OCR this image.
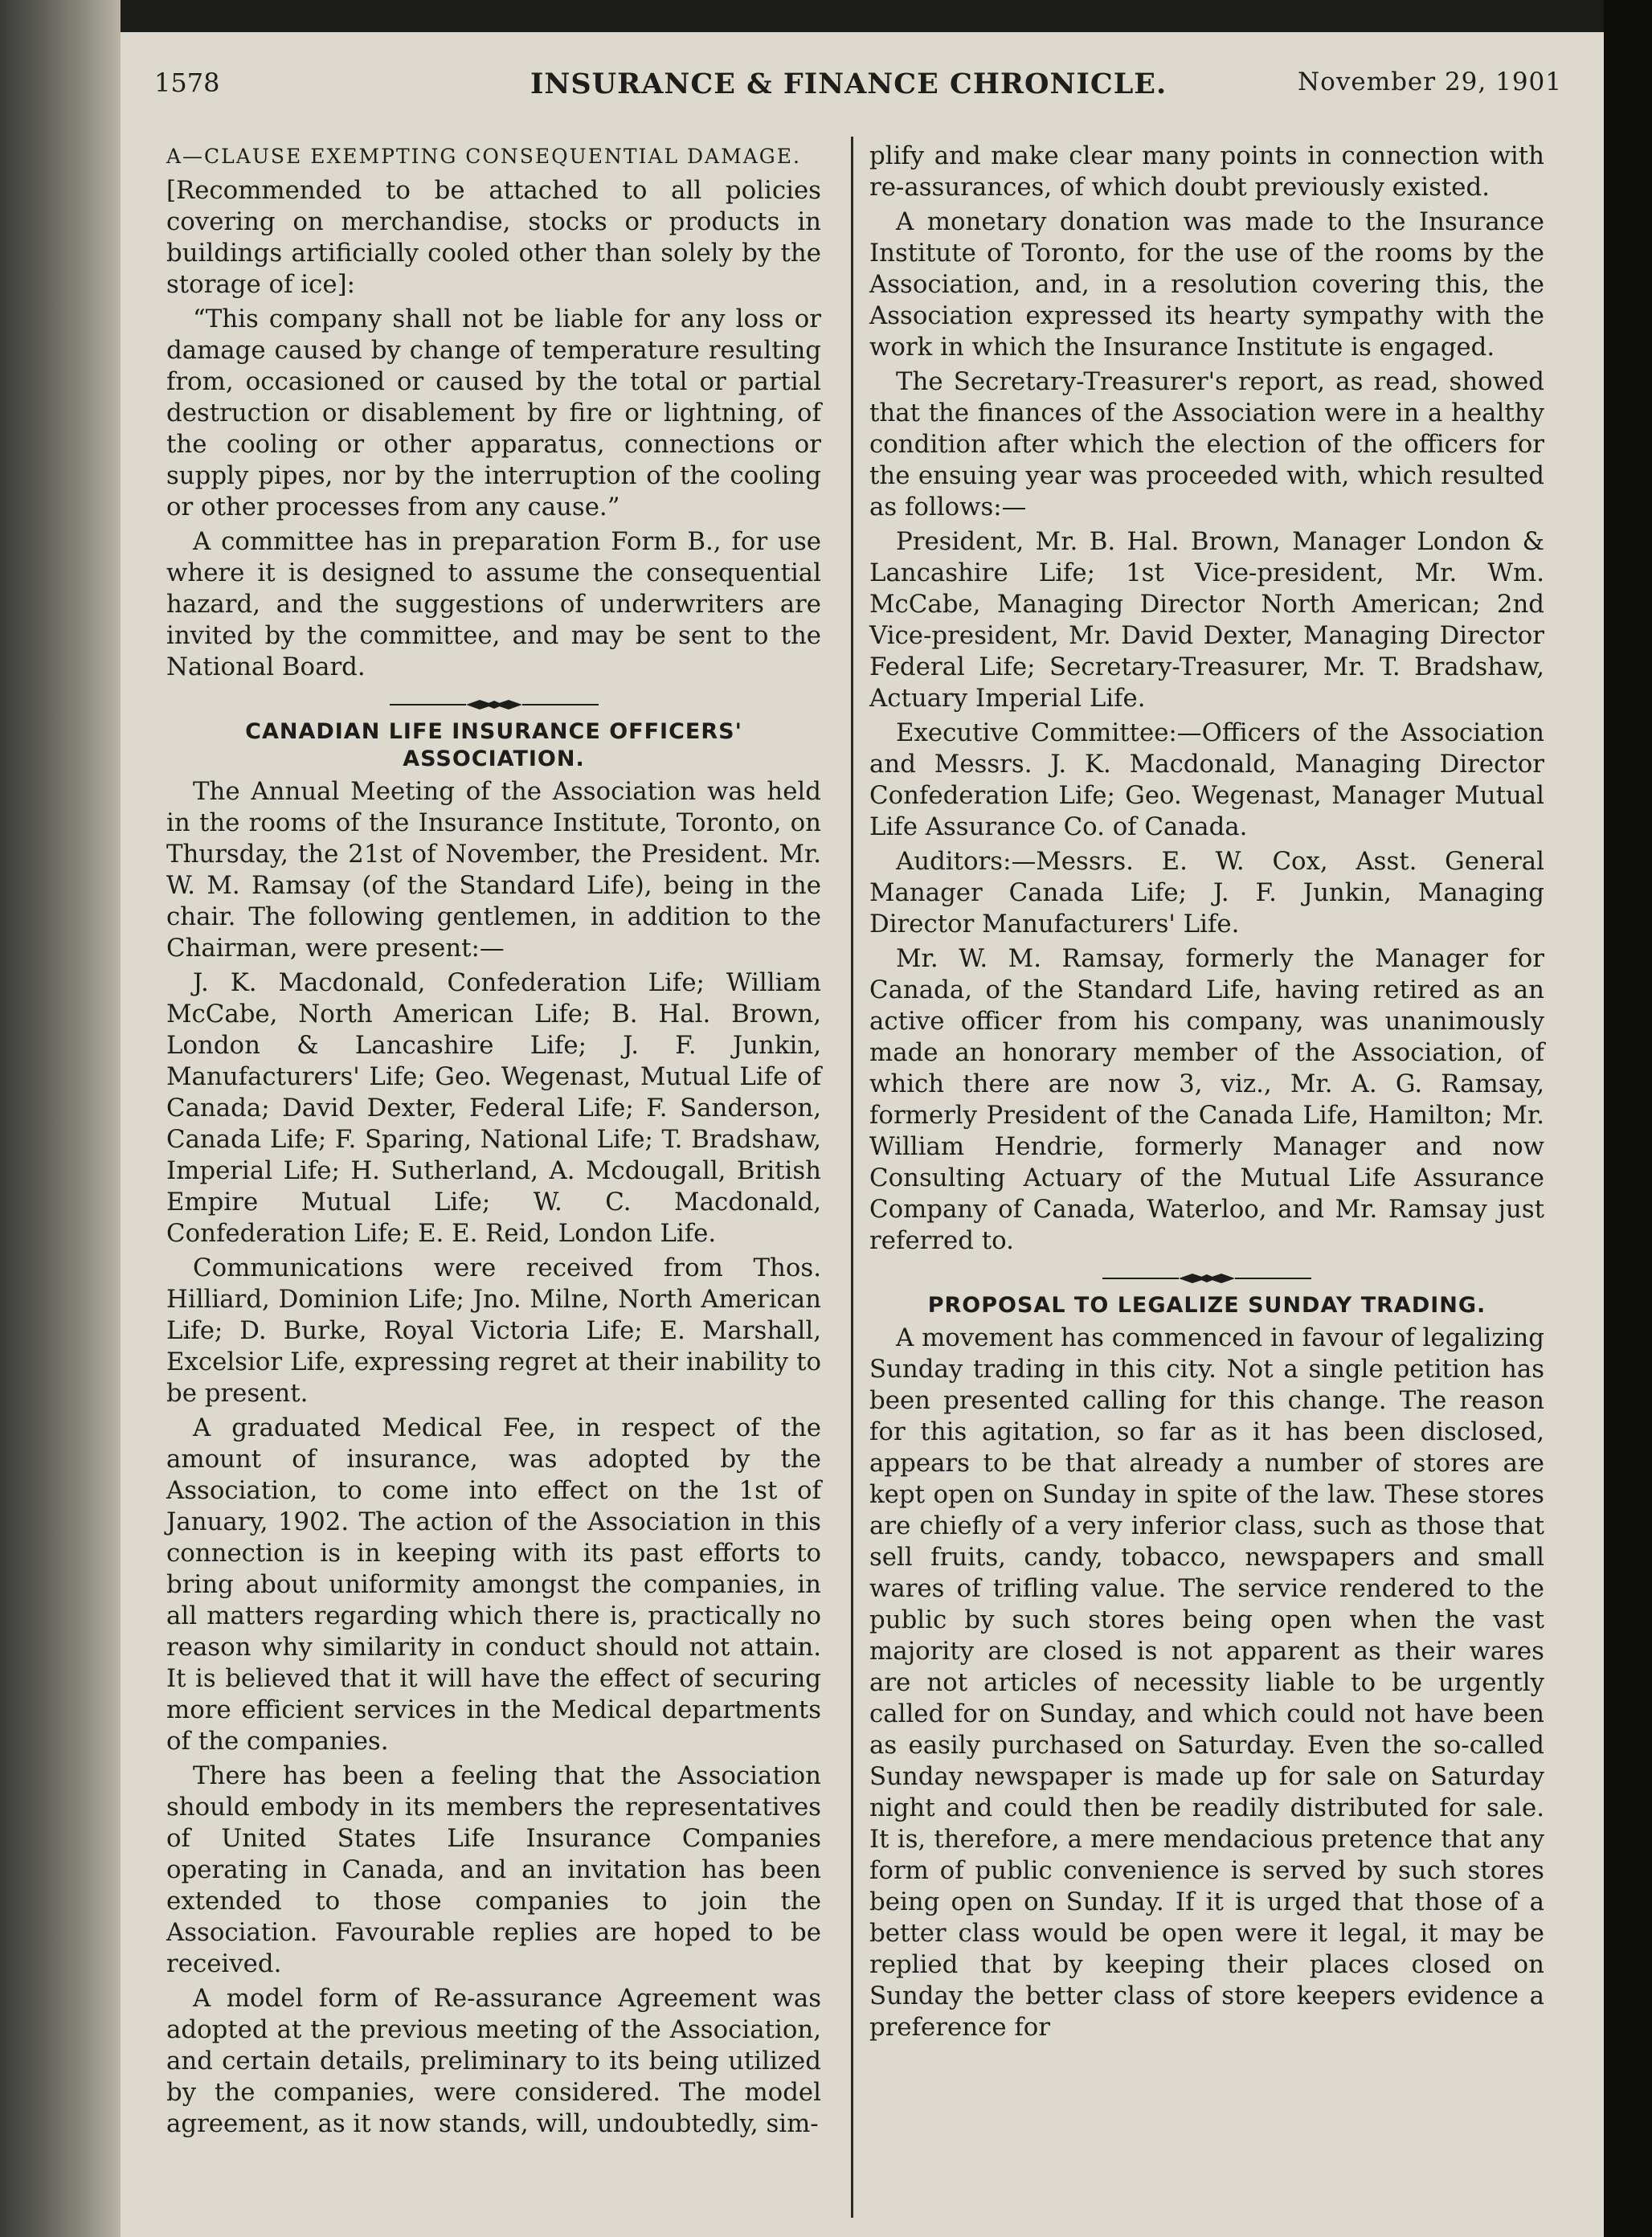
1578	INSURANCE & FINANCE CHRONICLE.	November 29, 1901
A—CLAUSE EXEMPTING CONSEQUENTIAL DAMAGE.

[Recommended to be attached to all policies covering on merchandise, stocks or products in buildings artificially cooled other than solely by the storage of ice]:

“This company shall not be liable for any loss or damage caused by change of temperature resulting from, occasioned or caused by the total or partial destruction or disablement by fire or lightning, of the cooling or other apparatus, connections or supply pipes, nor by the interruption of the cooling or other processes from any cause.”

A committee has in preparation Form B., for use where it is designed to assume the consequential hazard, and the suggestions of underwriters are invited by the committee, and may be sent to the National Board.

CANADIAN LIFE INSURANCE OFFICERS' ASSOCIATION.

The Annual Meeting of the Association was held in the rooms of the Insurance Institute, Toronto, on Thursday, the 21st of November, the President. Mr. W. M. Ramsay (of the Standard Life), being in the chair. The following gentlemen, in addition to the Chairman, were present:—

J. K. Macdonald, Confederation Life; William McCabe, North American Life; B. Hal. Brown, London & Lancashire Life; J. F. Junkin, Manufacturers' Life; Geo. Wegenast, Mutual Life of Canada; David Dexter, Federal Life; F. Sanderson, Canada Life; F. Sparing, National Life; T. Bradshaw, Imperial Life; H. Sutherland, A. Mcdougall, British Empire Mutual Life; W. C. Macdonald, Confederation Life; E. E. Reid, London Life.

Communications were received from Thos. Hilliard, Dominion Life; Jno. Milne, North American Life; D. Burke, Royal Victoria Life; E. Marshall, Excelsior Life, expressing regret at their inability to be present.

A graduated Medical Fee, in respect of the amount of insurance, was adopted by the Association, to come into effect on the 1st of January, 1902. The action of the Association in this connection is in keeping with its past efforts to bring about uniformity amongst the companies, in all matters regarding which there is, practically no reason why similarity in conduct should not attain. It is believed that it will have the effect of securing more efficient services in the Medical departments of the companies.

There has been a feeling that the Association should embody in its members the representatives of United States Life Insurance Companies operating in Canada, and an invitation has been extended to those companies to join the Association. Favourable replies are hoped to be received.

A model form of Re-assurance Agreement was adopted at the previous meeting of the Association, and certain details, preliminary to its being utilized by the companies, were considered. The model agreement, as it now stands, will, undoubtedly, sim-

plify and make clear many points in connection with re-assurances, of which doubt previously existed.

A monetary donation was made to the Insurance Institute of Toronto, for the use of the rooms by the Association, and, in a resolution covering this, the Association expressed its hearty sympathy with the work in which the Insurance Institute is engaged.

The Secretary-Treasurer's report, as read, showed that the finances of the Association were in a healthy condition after which the election of the officers for the ensuing year was proceeded with, which resulted as follows:—

President, Mr. B. Hal. Brown, Manager London & Lancashire Life; 1st Vice-president, Mr. Wm. McCabe, Managing Director North American; 2nd Vice-president, Mr. David Dexter, Managing Director Federal Life; Secretary-Treasurer, Mr. T. Bradshaw, Actuary Imperial Life.

Executive Committee:—Officers of the Association and Messrs. J. K. Macdonald, Managing Director Confederation Life; Geo. Wegenast, Manager Mutual Life Assurance Co. of Canada.

Auditors:—Messrs. E. W. Cox, Asst. General Manager Canada Life; J. F. Junkin, Managing Director Manufacturers' Life.

Mr. W. M. Ramsay, formerly the Manager for Canada, of the Standard Life, having retired as an active officer from his company, was unanimously made an honorary member of the Association, of which there are now 3, viz., Mr. A. G. Ramsay, formerly President of the Canada Life, Hamilton; Mr. William Hendrie, formerly Manager and now Consulting Actuary of the Mutual Life Assurance Company of Canada, Waterloo, and Mr. Ramsay just referred to.

PROPOSAL TO LEGALIZE SUNDAY TRADING.

A movement has commenced in favour of legalizing Sunday trading in this city. Not a single petition has been presented calling for this change. The reason for this agitation, so far as it has been disclosed, appears to be that already a number of stores are kept open on Sunday in spite of the law. These stores are chiefly of a very inferior class, such as those that sell fruits, candy, tobacco, newspapers and small wares of trifling value. The service rendered to the public by such stores being open when the vast majority are closed is not apparent as their wares are not articles of necessity liable to be urgently called for on Sunday, and which could not have been as easily purchased on Saturday. Even the so-called Sunday newspaper is made up for sale on Saturday night and could then be readily distributed for sale. It is, therefore, a mere mendacious pretence that any form of public convenience is served by such stores being open on Sunday. If it is urged that those of a better class would be open were it legal, it may be replied that by keeping their places closed on Sunday the better class of store keepers evidence a preference for
